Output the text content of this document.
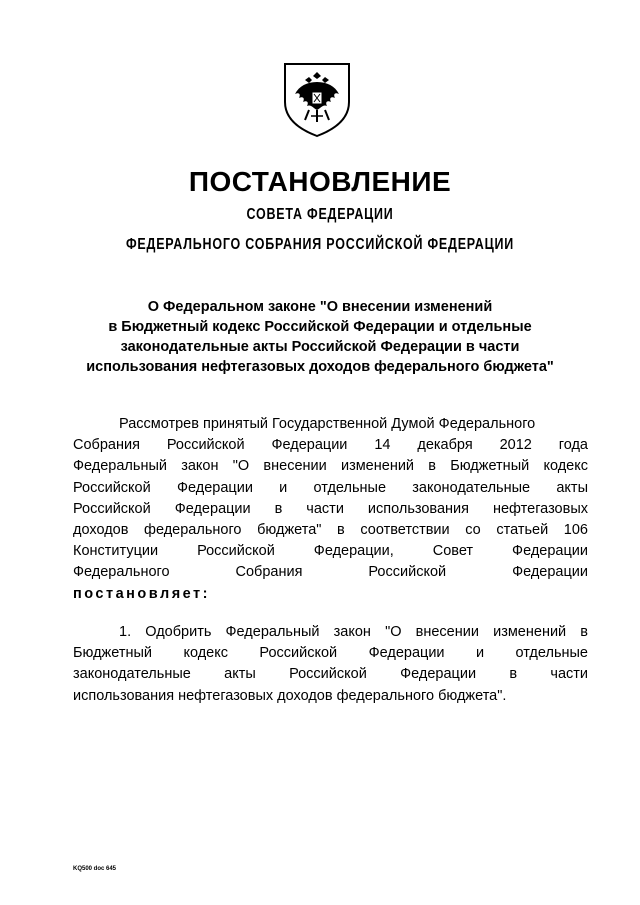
ПОСТАНОВЛЕНИЕ
СОВЕТА ФЕДЕРАЦИИ
ФЕДЕРАЛЬНОГО СОБРАНИЯ РОССИЙСКОЙ ФЕДЕРАЦИИ
О Федеральном законе "О внесении изменений
в Бюджетный кодекс Российской Федерации и отдельные
законодательные акты Российской Федерации в части
использования нефтегазовых доходов федерального бюджета"
Рассмотрев принятый Государственной Думой Федерального
Собрания Российской Федерации 14 декабря 2012 года
Федеральный закон "О внесении изменений в Бюджетный кодекс
Российской Федерации и отдельные законодательные акты
Российской Федерации в части использования нефтегазовых
доходов федерального бюджета" в соответствии со статьей 106
Конституции Российской Федерации, Совет Федерации
Федерального Собрания Российской Федерации
постановляет:
1. Одобрить Федеральный закон "О внесении изменений в
Бюджетный кодекс Российской Федерации и отдельные
законодательные акты Российской Федерации в части
использования нефтегазовых доходов федерального бюджета".
KQ500 doc 645
